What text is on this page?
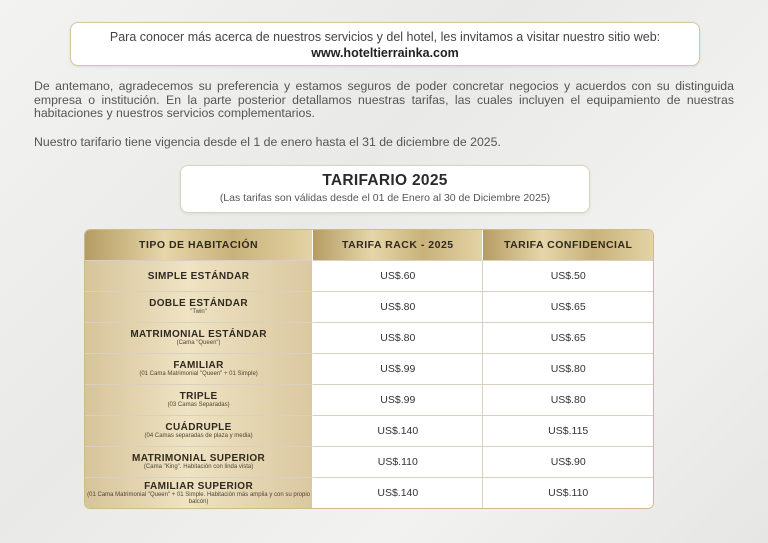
Para conocer más acerca de nuestros servicios y del hotel, les invitamos a visitar nuestro sitio web:
www.hoteltierrainka.com
De antemano, agradecemos su preferencia y estamos seguros de poder concretar negocios y acuerdos con su distinguida empresa o institución. En la parte posterior detallamos nuestras tarifas, las cuales incluyen el equipamiento de nuestras habitaciones y nuestros servicios complementarios.
Nuestro tarifario tiene vigencia desde el 1 de enero hasta el 31 de diciembre de 2025.
TARIFARIO 2025
(Las tarifas son válidas desde el 01 de Enero al 30 de Diciembre 2025)
TIPO DE HABITACIÓN	TARIFA RACK - 2025	TARIFA CONFIDENCIAL

SIMPLE ESTÁNDAR	US$.60	US$.50

DOBLE ESTÁNDAR
"Twin"	US$.80	US$.65

MATRIMONIAL ESTÁNDAR
(Cama "Queen")	US$.80	US$.65

FAMILIAR
(01 Cama Matrimonial "Queen" + 01 Simple)	US$.99	US$.80

TRIPLE
(03 Camas Separadas)	US$.99	US$.80

CUÁDRUPLE
(04 Camas separadas de plaza y media)	US$.140	US$.115

MATRIMONIAL SUPERIOR
(Cama "King". Habitación con linda vista)	US$.110	US$.90

FAMILIAR SUPERIOR
(01 Cama Matrimonial "Queen" + 01 Simple. Habitación más amplia y con su propio balcón)	US$.140	US$.110
